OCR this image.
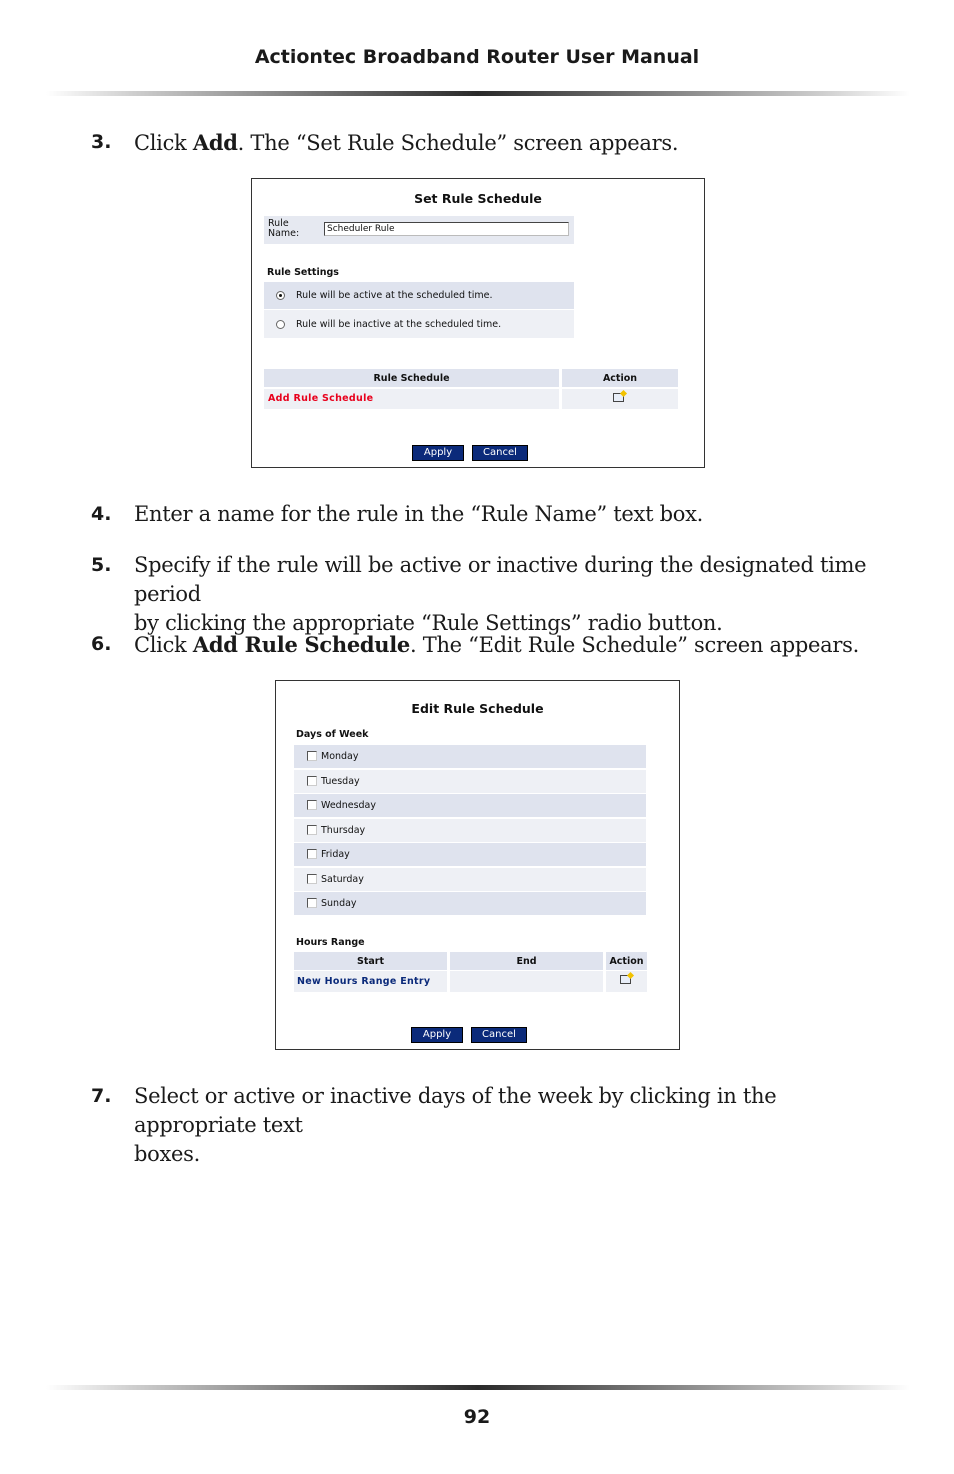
Actiontec Broadband Router User Manual
3. Click Add. The “Set Rule Schedule” screen appears.
Set Rule Schedule
Rule
Name:	Scheduler Rule
Rule Settings
Rule will be active at the scheduled time.
Rule will be inactive at the scheduled time.
Rule Schedule	Action
Add Rule Schedule
Apply	Cancel
4. Enter a name for the rule in the “Rule Name” text box.
5. Specify if the rule will be active or inactive during the designated time period
by clicking the appropriate “Rule Settings” radio button.
6. Click Add Rule Schedule. The “Edit Rule Schedule” screen appears.
Edit Rule Schedule
Days of Week
Monday
Tuesday
Wednesday
Thursday
Friday
Saturday
Sunday
Hours Range
Start	End	Action
New Hours Range Entry
Apply	Cancel
7. Select or active or inactive days of the week by clicking in the appropriate text
boxes.
92
